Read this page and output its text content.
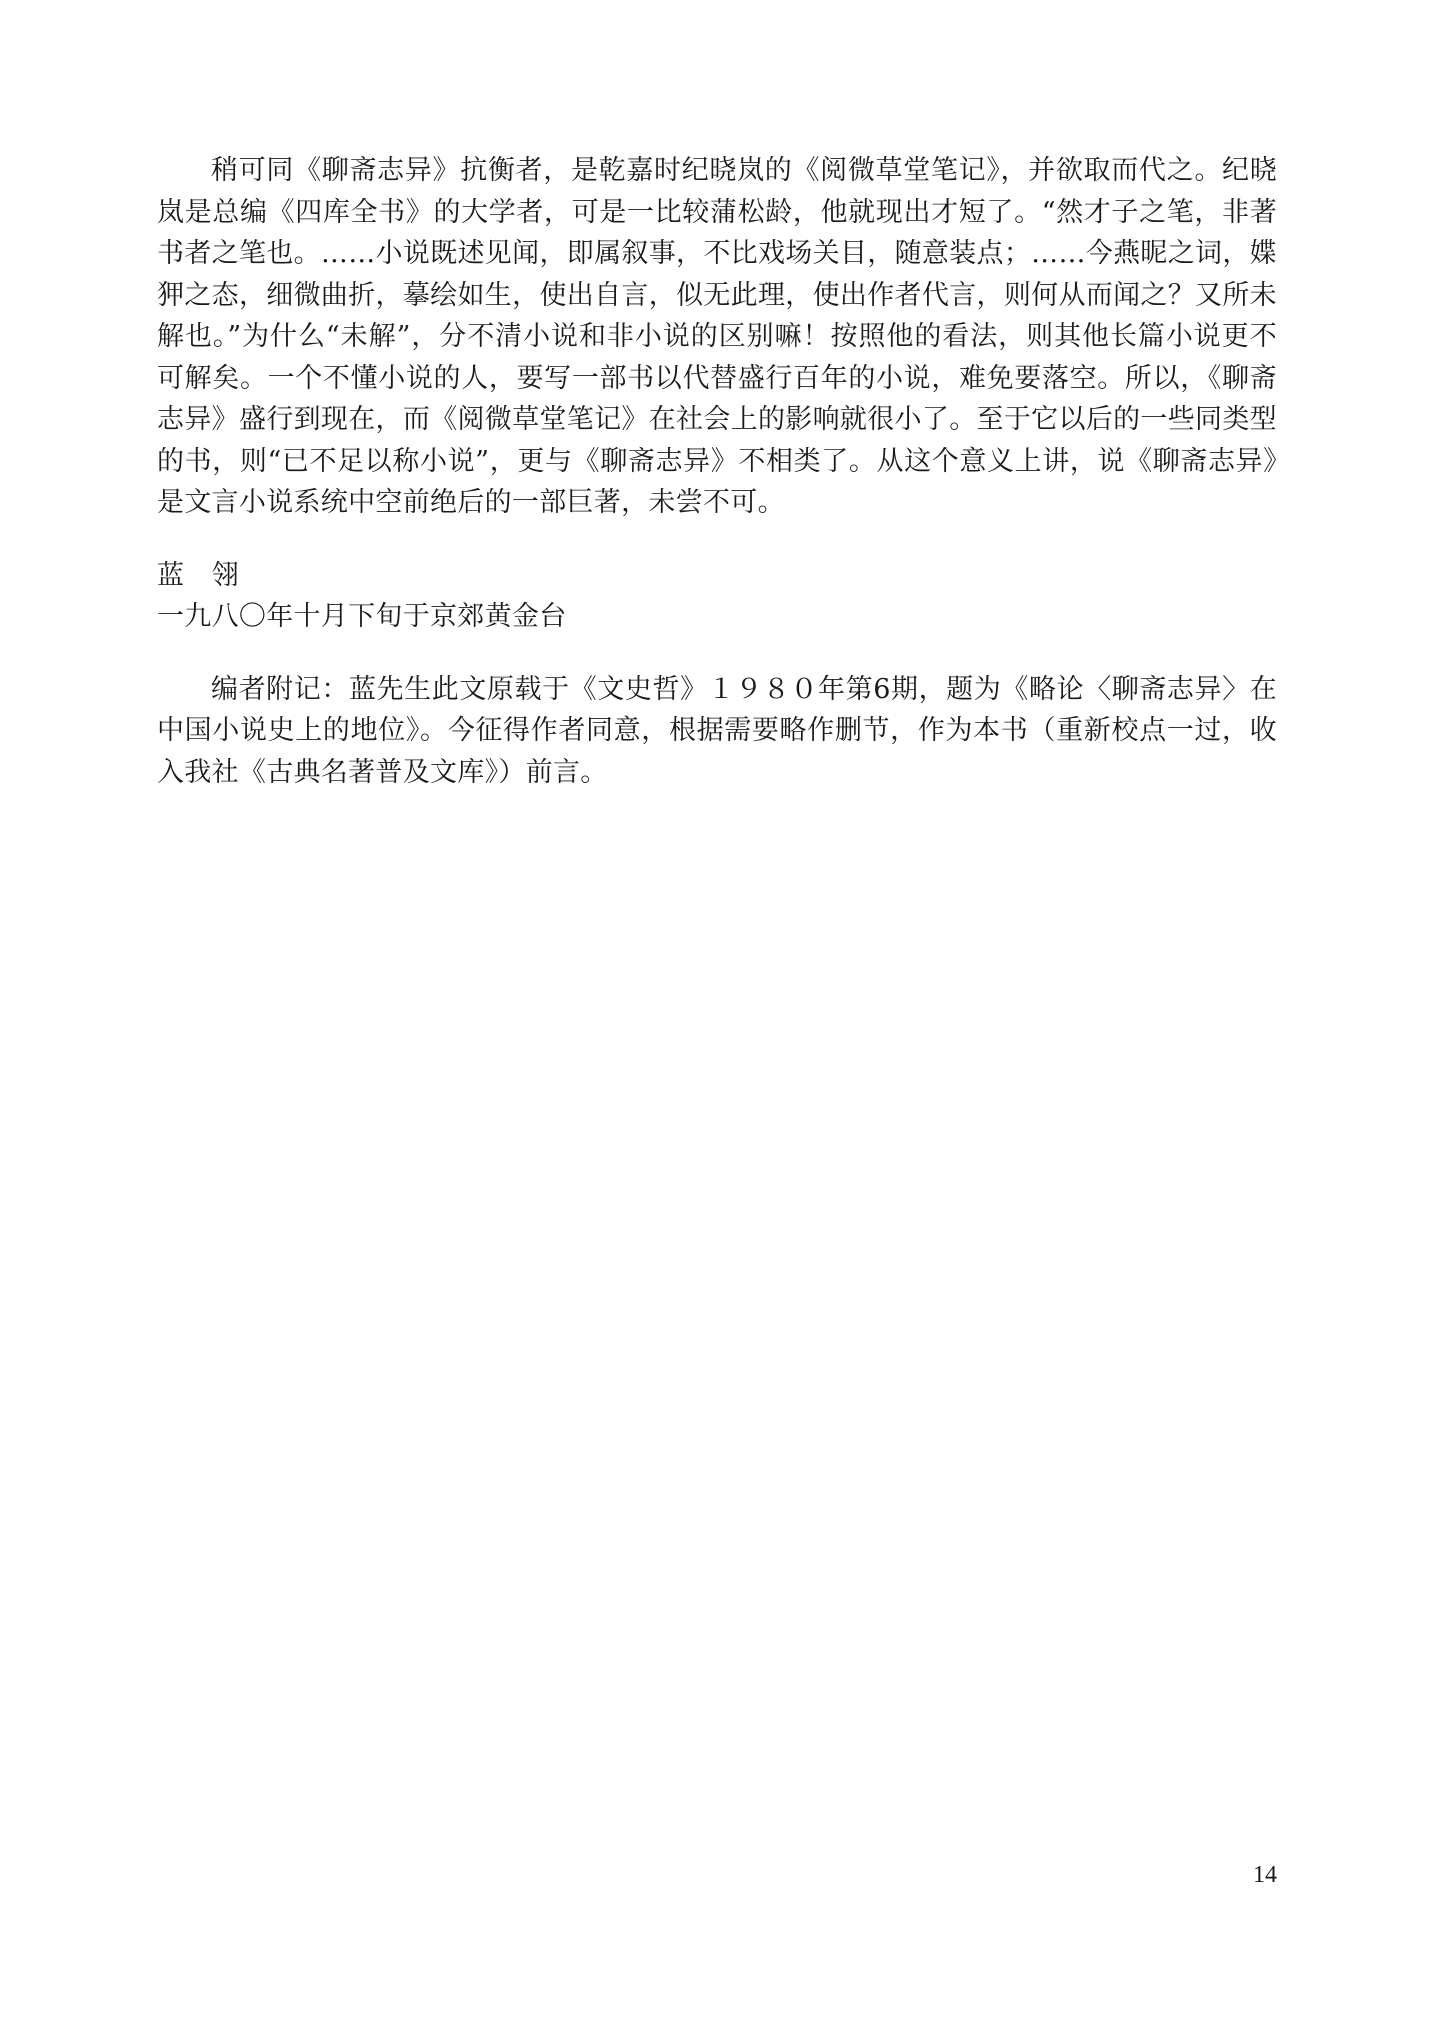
稍可同《聊斋志异》抗衡者，是乾嘉时纪晓岚的《阅微草堂笔记》，并欲取而代之。纪晓岚是总编《四库全书》的大学者，可是一比较蒲松龄，他就现出才短了。“然才子之笔，非著书者之笔也。……小说既述见闻，即属叙事，不比戏场关目，随意装点；……今燕昵之词，媟狎之态，细微曲折，摹绘如生，使出自言，似无此理，使出作者代言，则何从而闻之？又所未解也。”为什么“未解”，分不清小说和非小说的区别嘛！按照他的看法，则其他长篇小说更不可解矣。一个不懂小说的人，要写一部书以代替盛行百年的小说，难免要落空。所以，《聊斋志异》盛行到现在，而《阅微草堂笔记》在社会上的影响就很小了。至于它以后的一些同类型的书，则“已不足以称小说”，更与《聊斋志异》不相类了。从这个意义上讲，说《聊斋志异》是文言小说系统中空前绝后的一部巨著，未尝不可。

蓝　翎

一九八〇年十月下旬于京郊黄金台

编者附记：蓝先生此文原载于《文史哲》１９８０年第6期，题为《略论〈聊斋志异〉在中国小说史上的地位》。今征得作者同意，根据需要略作删节，作为本书（重新校点一过，收入我社《古典名著普及文库》）前言。

14
